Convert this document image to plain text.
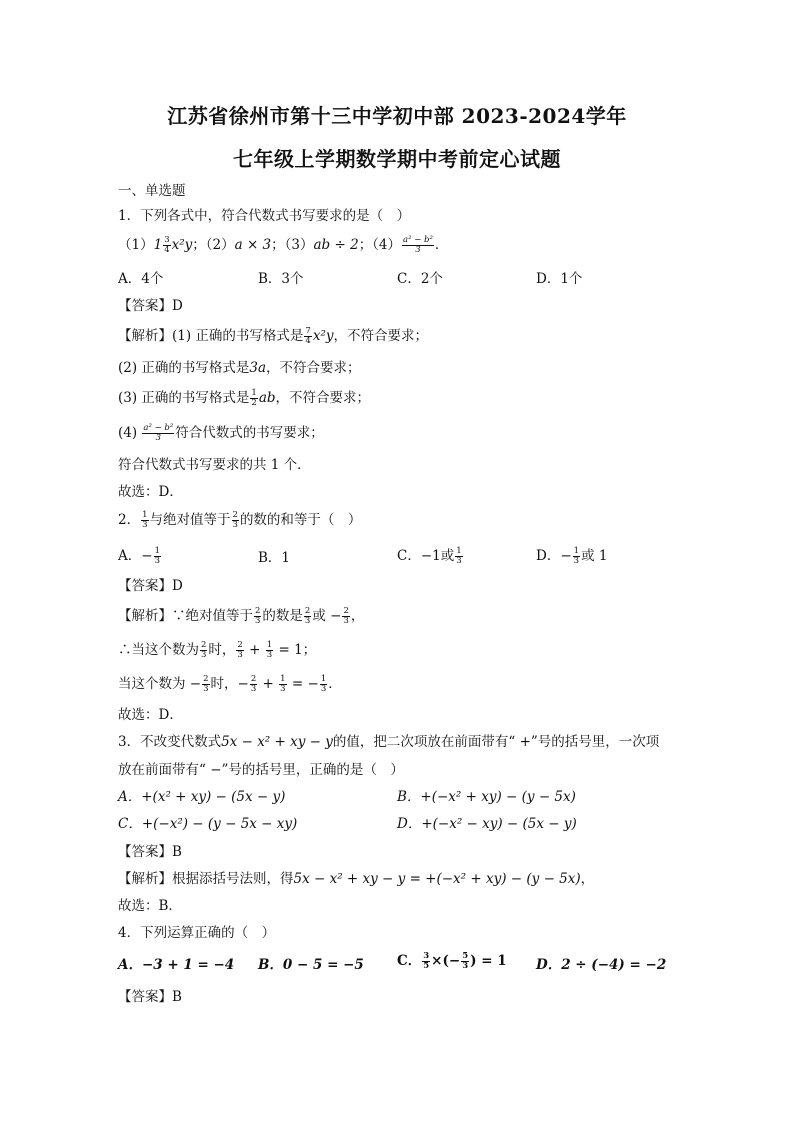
江苏省徐州市第十三中学初中部 2023-2024学年
七年级上学期数学期中考前定心试题
一、单选题
1．下列各式中，符合代数式书写要求的是（　）
$(1)1 \frac{3}{4} x^2y$；（2）a × 3；（3）ab ÷ 2；$(4) \frac{\text{a² − b²}}{3}$ ．
A．4个	B．3个	C．2个	D．1个
【答案】D
【解析】(1) 正确的书写格式是 $\frac{7}{4} x^2y$，不符合要求；
(2) 正确的书写格式是3a，不符合要求；
(3) 正确的书写格式是 $\frac{1}{2}$ ab，不符合要求；
$(4) \frac{\text{a² − b²}}{3}$ 符合代数式的书写要求；
符合代数式书写要求的共 1 个．
故选：D．
2． $\frac{1}{3}$ 与绝对值等于 $\frac{2}{3}$ 的数的和等于（　）
A．− $\frac{1}{3}$	B．1	C．−1或 $\frac{1}{3}$	D．− $\frac{1}{3}$ 或 1
【答案】D
【解析】∵绝对值等于 $\frac{2}{3}$ 的数是 $\frac{2}{3}$ 或 − $\frac{2}{3}$ ，
∴当这个数为 $\frac{2}{3}$ 时， $\frac{2}{3} + \frac{1}{3} = 1$；
当这个数为 − $\frac{2}{3}$ 时，− $\frac{2}{3} + \frac{1}{3}$ = − $\frac{1}{3}$ ．
故选：D．
3．不改变代数式5x − x² + xy − y的值，把二次项放在前面带有“ +”号的括号里，一次项
放在前面带有“ −”号的括号里，正确的是（　）
A．+(x² + xy) − (5x − y)	B．+(−x² + xy) − (y − 5x)
C．+(−x²) − (y − 5x − xy)	D．+(−x² − xy) − (5x − y)
【答案】B
【解析】根据添括号法则，得5x − x² + xy − y = +(−x² + xy) − (y − 5x)，
故选：B．
4．下列运算正确的（　）
A．−3 + 1 = −4 B．0 − 5 = −5 C． $\frac{3}{5}$ ×(− $\frac{5}{3}$ ) = 1 D．2 ÷ (−4) = −2
【答案】B
